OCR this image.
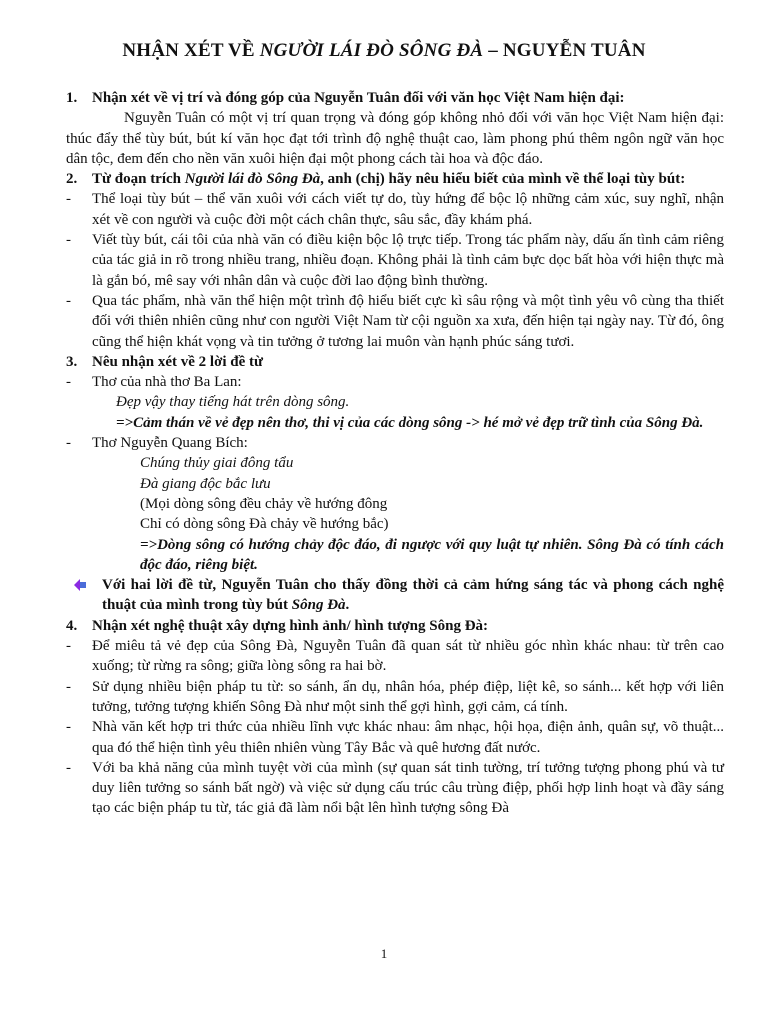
NHẬN XÉT VỀ NGƯỜI LÁI ĐÒ SÔNG ĐÀ – NGUYỄN TUÂN
1. Nhận xét về vị trí và đóng góp của Nguyễn Tuân đối với văn học Việt Nam hiện đại:
Nguyễn Tuân có một vị trí quan trọng và đóng góp không nhỏ đối với văn học Việt Nam hiện đại: thúc đẩy thể tùy bút, bút kí văn học đạt tới trình độ nghệ thuật cao, làm phong phú thêm ngôn ngữ văn học dân tộc, đem đến cho nền văn xuôi hiện đại một phong cách tài hoa và độc đáo.
2. Từ đoạn trích Người lái đò Sông Đà, anh (chị) hãy nêu hiểu biết của mình về thể loại tùy bút:
- Thể loại tùy bút – thể văn xuôi với cách viết tự do, tùy hứng để bộc lộ những cảm xúc, suy nghĩ, nhận xét về con người và cuộc đời một cách chân thực, sâu sắc, đầy khám phá.
- Viết tùy bút, cái tôi của nhà văn có điều kiện bộc lộ trực tiếp. Trong tác phẩm này, dấu ấn tình cảm riêng của tác giả in rõ trong nhiều trang, nhiều đoạn. Không phải là tình cảm bực dọc bất hòa với hiện thực mà là gắn bó, mê say với nhân dân và cuộc đời lao động bình thường.
- Qua tác phẩm, nhà văn thể hiện một trình độ hiểu biết cực kì sâu rộng và một tình yêu vô cùng tha thiết đối với thiên nhiên cũng như con người Việt Nam từ cội nguồn xa xưa, đến hiện tại ngày nay. Từ đó, ông cũng thể hiện khát vọng và tin tưởng ở tương lai muôn vàn hạnh phúc sáng tươi.
3. Nêu nhận xét về 2 lời đề từ
- Thơ của nhà thơ Ba Lan:
Đẹp vậy thay tiếng hát trên dòng sông.
=>Cảm thán về vẻ đẹp nên thơ, thi vị của các dòng sông -> hé mở vẻ đẹp trữ tình của Sông Đà.
- Thơ Nguyễn Quang Bích:
Chúng thủy giai đông tẩu
Đà giang độc bắc lưu
(Mọi dòng sông đều chảy về hướng đông
Chỉ có dòng sông Đà chảy về hướng bắc)
=>Dòng sông có hướng chảy độc đáo, đi ngược với quy luật tự nhiên. Sông Đà có tính cách độc đáo, riêng biệt.
Với hai lời đề từ, Nguyễn Tuân cho thấy đồng thời cả cảm hứng sáng tác và phong cách nghệ thuật của mình trong tùy bút Sông Đà.
4. Nhận xét nghệ thuật xây dựng hình ảnh/ hình tượng Sông Đà:
- Để miêu tả vẻ đẹp của Sông Đà, Nguyễn Tuân đã quan sát từ nhiều góc nhìn khác nhau: từ trên cao xuống; từ rừng ra sông; giữa lòng sông ra hai bờ.
- Sử dụng nhiều biện pháp tu từ: so sánh, ẩn dụ, nhân hóa, phép điệp, liệt kê, so sánh... kết hợp với liên tưởng, tưởng tượng khiến Sông Đà như một sinh thể gợi hình, gợi cảm, cá tính.
- Nhà văn kết hợp tri thức của nhiều lĩnh vực khác nhau: âm nhạc, hội họa, điện ảnh, quân sự, võ thuật... qua đó thể hiện tình yêu thiên nhiên vùng Tây Bắc và quê hương đất nước.
- Với ba khả năng của mình tuyệt vời của mình (sự quan sát tinh tường, trí tưởng tượng phong phú và tư duy liên tưởng so sánh bất ngờ) và việc sử dụng cấu trúc câu trùng điệp, phối hợp linh hoạt và đầy sáng tạo các biện pháp tu từ, tác giả đã làm nổi bật lên hình tượng sông Đà
1
